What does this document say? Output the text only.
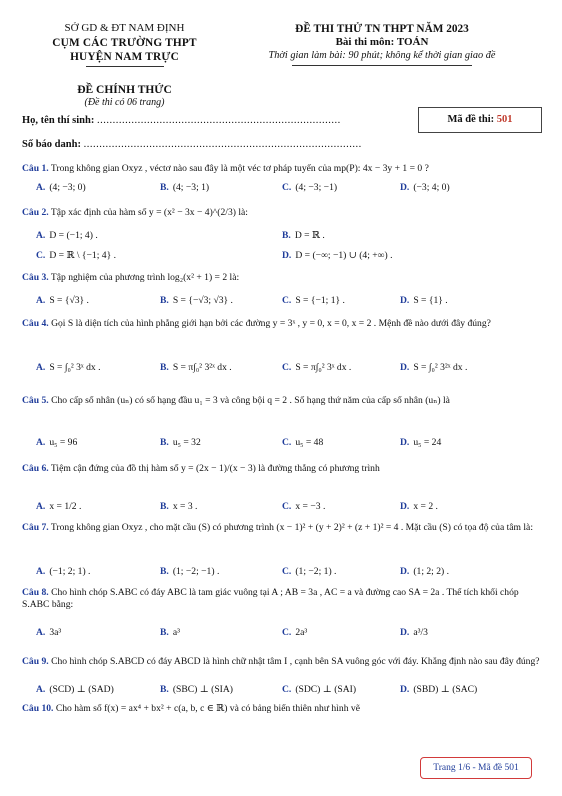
SỞ GD & ĐT NAM ĐỊNH
CỤM CÁC TRƯỜNG THPT
HUYỆN NAM TRỰC
ĐỀ CHÍNH THỨC
(Đề thi có 06 trang)
ĐỀ THI THỬ TN THPT NĂM 2023
Bài thi môn: TOÁN
Thời gian làm bài: 90 phút; không kể thời gian giao đề
Họ, tên thí sinh: ..............................................................................
Số báo danh: .........................................................................................
Mã đề thi: 501
Câu 1. Trong không gian Oxyz , véctơ nào sau đây là một véc tơ pháp tuyến của mp(P): 4x − 3y + 1 = 0 ?
A. (4; −3; 0)	B. (4; −3; 1)	C. (4; −3; −1)	D. (−3; 4; 0)
Câu 2. Tập xác định của hàm số y = (x² − 3x − 4)^(2/3) là:
A. D = (−1; 4) .	B. D = ℝ .
C. D = ℝ \ {−1; 4} .	D. D = (−∞; −1) ∪ (4; +∞) .
Câu 3. Tập nghiệm của phương trình log₂(x² + 1) = 2 là:
A. S = {√3} .	B. S = {−√3; √3} .	C. S = {−1; 1} .	D. S = {1} .
Câu 4. Gọi S là diện tích của hình phẳng giới hạn bởi các đường y = 3ˣ , y = 0, x = 0, x = 2 . Mệnh đề nào dưới đây đúng?
A. S = ∫₀² 3ˣ dx .	B. S = π∫₀² 3²ˣ dx .	C. S = π∫₀² 3ˣ dx .	D. S = ∫₀² 3²ˣ dx .
Câu 5. Cho cấp số nhân (uₙ) có số hạng đầu u₁ = 3 và công bội q = 2 . Số hạng thứ năm của cấp số nhân (uₙ) là
A. u₅ = 96	B. u₅ = 32	C. u₅ = 48	D. u₅ = 24
Câu 6. Tiệm cận đứng của đồ thị hàm số y = (2x − 1)/(x − 3) là đường thẳng có phương trình
A. x = 1/2 .	B. x = 3 .	C. x = −3 .	D. x = 2 .
Câu 7. Trong không gian Oxyz , cho mặt cầu (S) có phương trình (x − 1)² + (y + 2)² + (z + 1)² = 4 . Mặt cầu (S) có tọa độ của tâm là:
A. (−1; 2; 1) .	B. (1; −2; −1) .	C. (1; −2; 1) .	D. (1; 2; 2) .
Câu 8. Cho hình chóp S.ABC có đáy ABC là tam giác vuông tại A ; AB = 3a , AC = a và đường cao SA = 2a . Thể tích khối chóp S.ABC bằng:
A. 3a³	B. a³	C. 2a³	D. a³/3
Câu 9. Cho hình chóp S.ABCD có đáy ABCD là hình chữ nhật tâm I , cạnh bên SA vuông góc với đáy. Khẳng định nào sau đây đúng?
A. (SCD) ⊥ (SAD)	B. (SBC) ⊥ (SIA)	C. (SDC) ⊥ (SAI)	D. (SBD) ⊥ (SAC)
Câu 10. Cho hàm số f(x) = ax⁴ + bx² + c(a, b, c ∈ ℝ) và có bảng biến thiên như hình vẽ
Trang 1/6 - Mã đề 501
